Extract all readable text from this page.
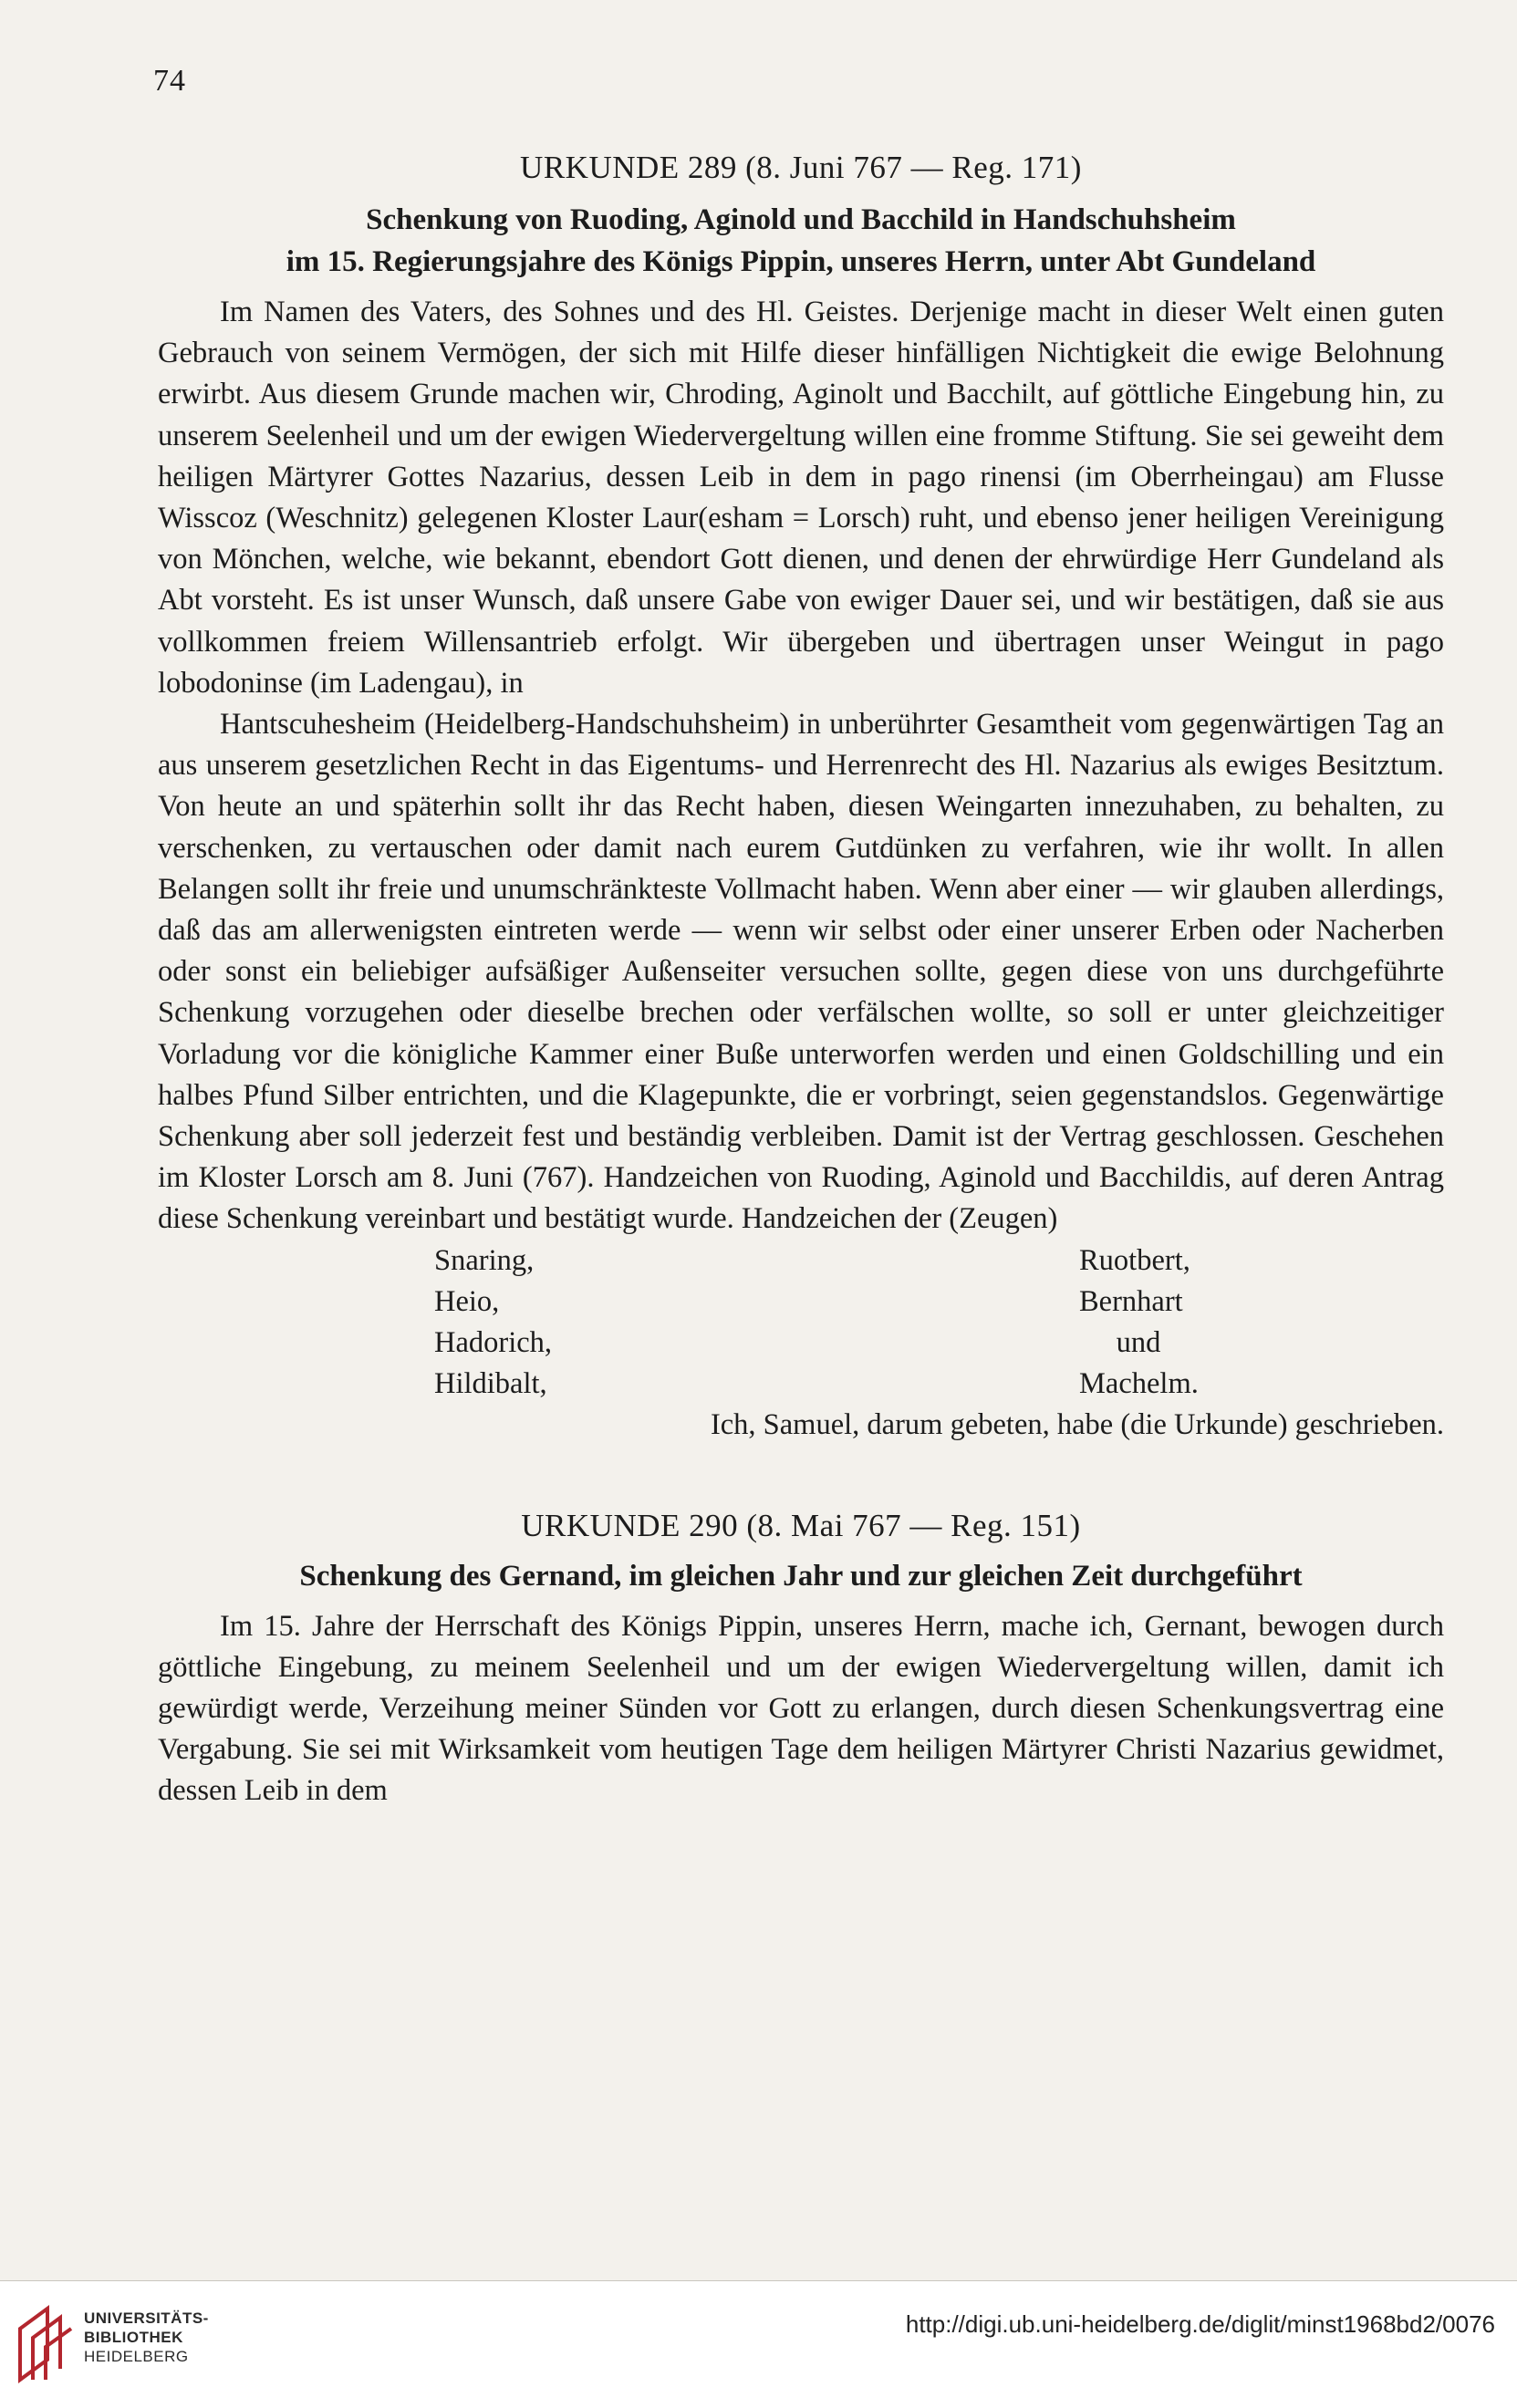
74

URKUNDE 289 (8. Juni 767 — Reg. 171)

Schenkung von Ruoding, Aginold und Bacchild in Handschuhsheim

im 15. Regierungsjahre des Königs Pippin, unseres Herrn, unter Abt Gundeland

Im Namen des Vaters, des Sohnes und des Hl. Geistes. Derjenige macht in dieser Welt einen guten Gebrauch von seinem Vermögen, der sich mit Hilfe dieser hinfälligen Nichtigkeit die ewige Belohnung erwirbt. Aus diesem Grunde machen wir, Chroding, Aginolt und Bacchilt, auf göttliche Eingebung hin, zu unserem Seelenheil und um der ewigen Wiedervergeltung willen eine fromme Stiftung. Sie sei geweiht dem heiligen Märtyrer Gottes Nazarius, dessen Leib in dem in pago rinensi (im Oberrheingau) am Flusse Wisscoz (Weschnitz) gelegenen Kloster Laur(esham = Lorsch) ruht, und ebenso jener heiligen Vereinigung von Mönchen, welche, wie bekannt, ebendort Gott dienen, und denen der ehrwürdige Herr Gundeland als Abt vorsteht. Es ist unser Wunsch, daß unsere Gabe von ewiger Dauer sei, und wir bestätigen, daß sie aus vollkommen freiem Willensantrieb erfolgt. Wir übergeben und übertragen unser Weingut in pago lobodoninse (im Ladengau), in

Hantscuhesheim (Heidelberg-Handschuhsheim) in unberührter Gesamtheit vom gegenwärtigen Tag an aus unserem gesetzlichen Recht in das Eigentums- und Herrenrecht des Hl. Nazarius als ewiges Besitztum. Von heute an und späterhin sollt ihr das Recht haben, diesen Weingarten innezuhaben, zu behalten, zu verschenken, zu vertauschen oder damit nach eurem Gutdünken zu verfahren, wie ihr wollt. In allen Belangen sollt ihr freie und unumschränkteste Vollmacht haben. Wenn aber einer — wir glauben allerdings, daß das am allerwenigsten eintreten werde — wenn wir selbst oder einer unserer Erben oder Nacherben oder sonst ein beliebiger aufsäßiger Außenseiter versuchen sollte, gegen diese von uns durchgeführte Schenkung vorzugehen oder dieselbe brechen oder verfälschen wollte, so soll er unter gleichzeitiger Vorladung vor die königliche Kammer einer Buße unterworfen werden und einen Goldschilling und ein halbes Pfund Silber entrichten, und die Klagepunkte, die er vorbringt, seien gegenstandslos. Gegenwärtige Schenkung aber soll jederzeit fest und beständig verbleiben. Damit ist der Vertrag geschlossen. Geschehen im Kloster Lorsch am 8. Juni (767). Handzeichen von Ruoding, Aginold und Bacchildis, auf deren Antrag diese Schenkung vereinbart und bestätigt wurde. Handzeichen der (Zeugen)

Snaring,
Heio,
Hadorich,
Hildibalt,
Ruotbert,
Bernhart
und
Machelm.

Ich, Samuel, darum gebeten, habe (die Urkunde) geschrieben.

URKUNDE 290 (8. Mai 767 — Reg. 151)

Schenkung des Gernand, im gleichen Jahr und zur gleichen Zeit durchgeführt

Im 15. Jahre der Herrschaft des Königs Pippin, unseres Herrn, mache ich, Gernant, bewogen durch göttliche Eingebung, zu meinem Seelenheil und um der ewigen Wiedervergeltung willen, damit ich gewürdigt werde, Verzeihung meiner Sünden vor Gott zu erlangen, durch diesen Schenkungsvertrag eine Vergabung. Sie sei mit Wirksamkeit vom heutigen Tage dem heiligen Märtyrer Christi Nazarius gewidmet, dessen Leib in dem

UNIVERSITÄTS-
BIBLIOTHEK
HEIDELBERG
http://digi.ub.uni-heidelberg.de/diglit/minst1968bd2/0076
